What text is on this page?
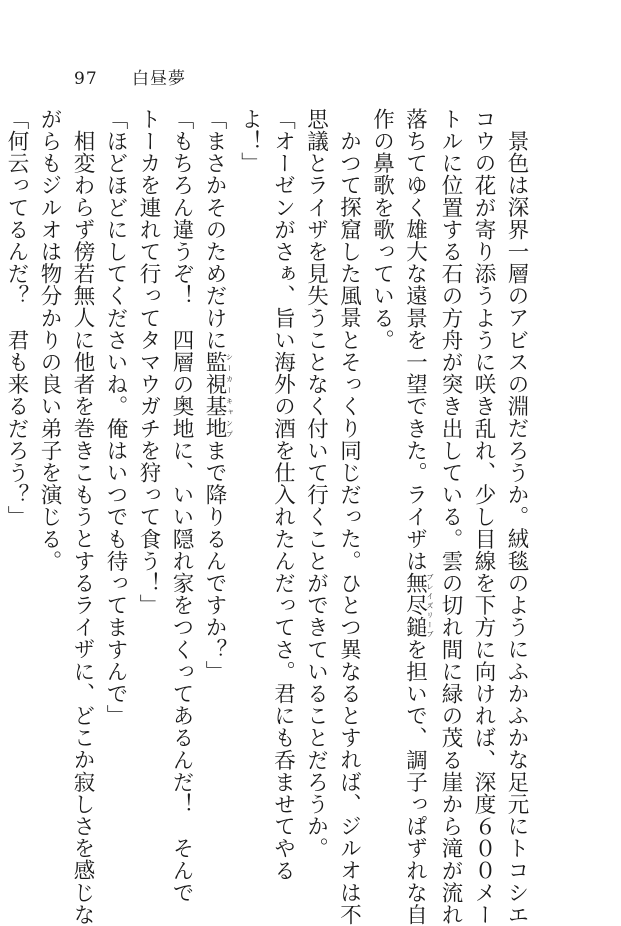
97 白昼夢
景色は深界一層のアビスの淵だろうか。絨毯のようにふかふかな足元にトコシエ
コウの花が寄り添うように咲き乱れ、少し目線を下方に向ければ、深度６００メー
トルに位置する石の方舟が突き出している。雲の切れ間に緑の茂る崖から滝が流れ
落ちてゆく雄大な遠景を一望できた。ライザは無尽鎚ブレイズリーブを担いで、調子っぱずれな自
作の鼻歌を歌っている。
かつて探窟した風景とそっくり同じだった。ひとつ異なるとすれば、ジルオは不
思議とライザを見失うことなく付いて行くことができていることだろうか。
「オーゼンがさぁ、旨い海外の酒を仕入れたんだってさ。君にも呑ませてやる
よ！」
「まさかそのためだけに監視基地シーカーキャンプまで降りるんですか？」
「もちろん違うぞ！　四層の奥地に、いい隠れ家をつくってあるんだ！　そんで
トーカを連れて行ってタマウガチを狩って食う！」
「ほどほどにしてくださいね。俺はいつでも待ってますんで」
相変わらず傍若無人に他者を巻きこもうとするライザに、どこか寂しさを感じな
がらもジルオは物分かりの良い弟子を演じる。
「何云ってるんだ？　君も来るだろう？」
